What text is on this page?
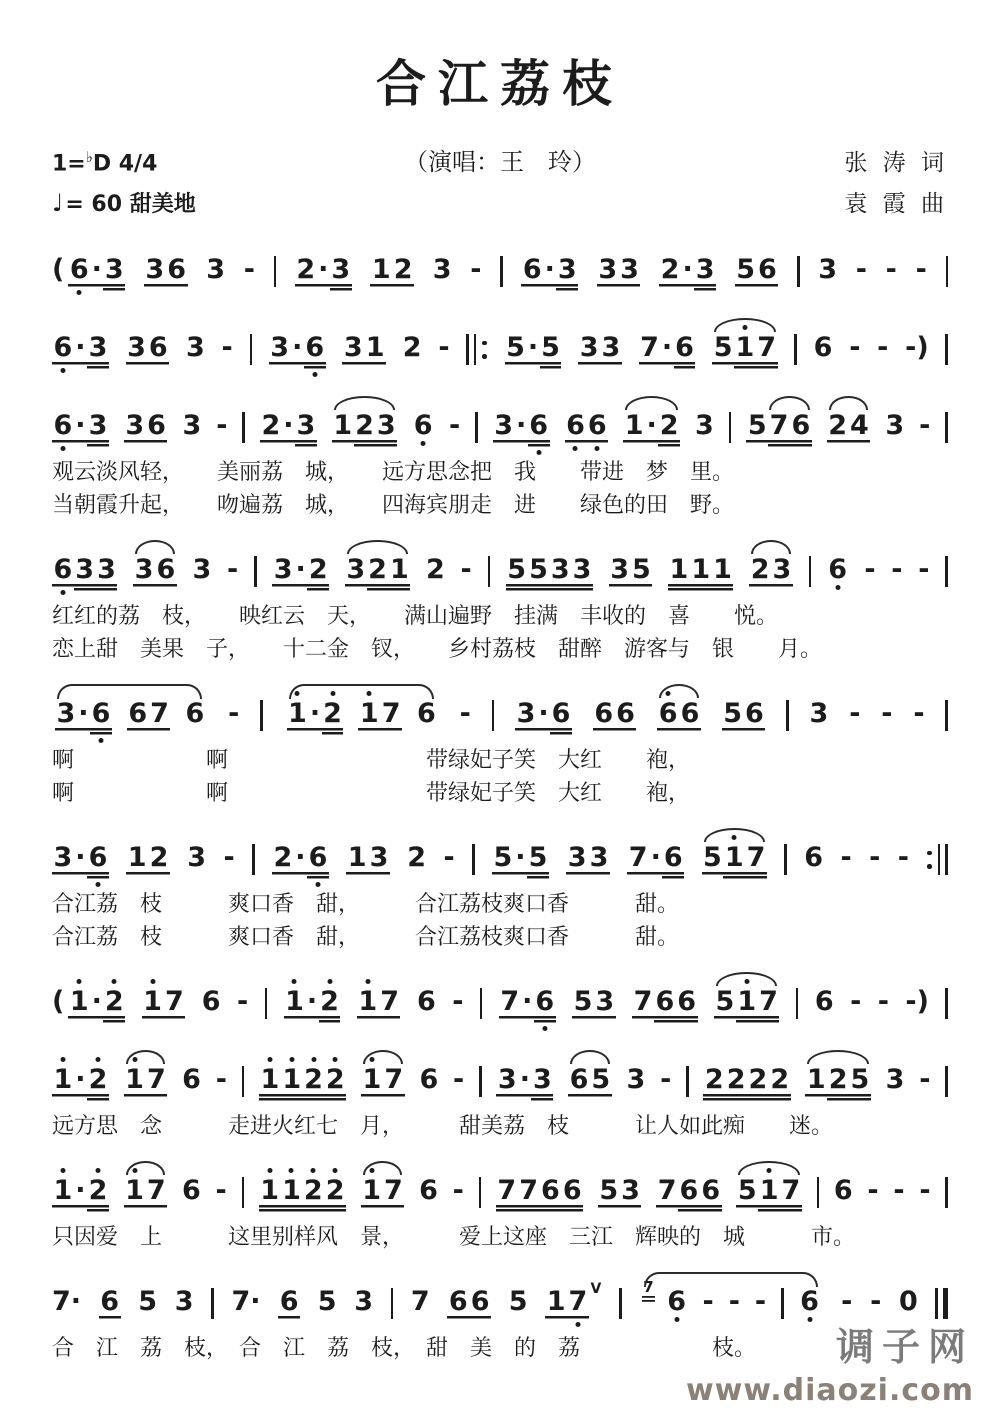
合江荔枝
1=♭D 4/4	（演唱：王　玲）	张 涛 词
♩= 60 甜美地	袁 霞 曲
( 6 · 3 3 6 3 - 2 · 3 1 2 3 - 6 · 3 3 3 2 · 3 5 6 3 - - -
6 · 3 3 6 3 - 3 · 6 3 1 2 - 5 · 5 3 3 7 · 6 5 1 7 6 - - -)
6 · 3 3 6 3 - 2 · 3 1 2 3 6 - 3 · 6 6 6 1 · 2 3 5 7 6 2 4 3 -
观云淡风轻，　　美丽荔　城，　　远方思念把　我　　带进　梦　里。
当朝霞升起，　　吻遍荔　城，　　四海宾朋走　进　　绿色的田　野。
6 3 3 3 6 3 - 3 · 2 3 2 1 2 - 5 5 3 3 3 5 1 1 1 2 3 6 - - -
红红的荔　枝，　　映红云　天，　　满山遍野　挂满　丰收的　喜　　悦。
恋上甜　美果　子，　　十二金　钗，　　乡村荔枝　甜醉　游客与　银　　月。
3 · 6 6 7 6 - 1 · 2 1 7 6 - 3 · 6 6 6 6 6 5 6 3 - - -
啊　　　　　　啊　　　　　　　　　带绿妃子笑　大红　　袍，
啊　　　　　　啊　　　　　　　　　带绿妃子笑　大红　　袍，
3 · 6 1 2 3 - 2 · 6 1 3 2 - 5 · 5 3 3 7 · 6 5 1 7 6 - - -
合江荔　枝　　　爽口香　甜，　　　合江荔枝爽口香　　　甜。
合江荔　枝　　　爽口香　甜，　　　合江荔枝爽口香　　　甜。
( 1 · 2 1 7 6 - 1 · 2 1 7 6 - 7 · 6 5 3 7 6 6 5 1 7 6 - - -)
1 · 2 1 7 6 - 1 1 2 2 1 7 6 - 3 · 3 6 5 3 - 2 2 2 2 1 2 5 3 -
远方思　念　　　走进火红七　月，　　　甜美荔　枝　　　让人如此痴　　迷。
1 · 2 1 7 6 - 1 1 2 2 1 7 6 - 7 7 6 6 5 3 7 6 6 5 1 7 6 - - -
只因爱　上　　　这里别样风　景，　　　爱上这座　三江　辉映的　城　　　市。
7· 6 5 3 7· 6 5 3 7 6 6 5 1 7 V	7 6 - - - 6 - - 0
合　江　荔　枝，　合　江　荔　枝，　甜　美　的　荔　　　　　　枝。	调子网
www.diaozi.com
